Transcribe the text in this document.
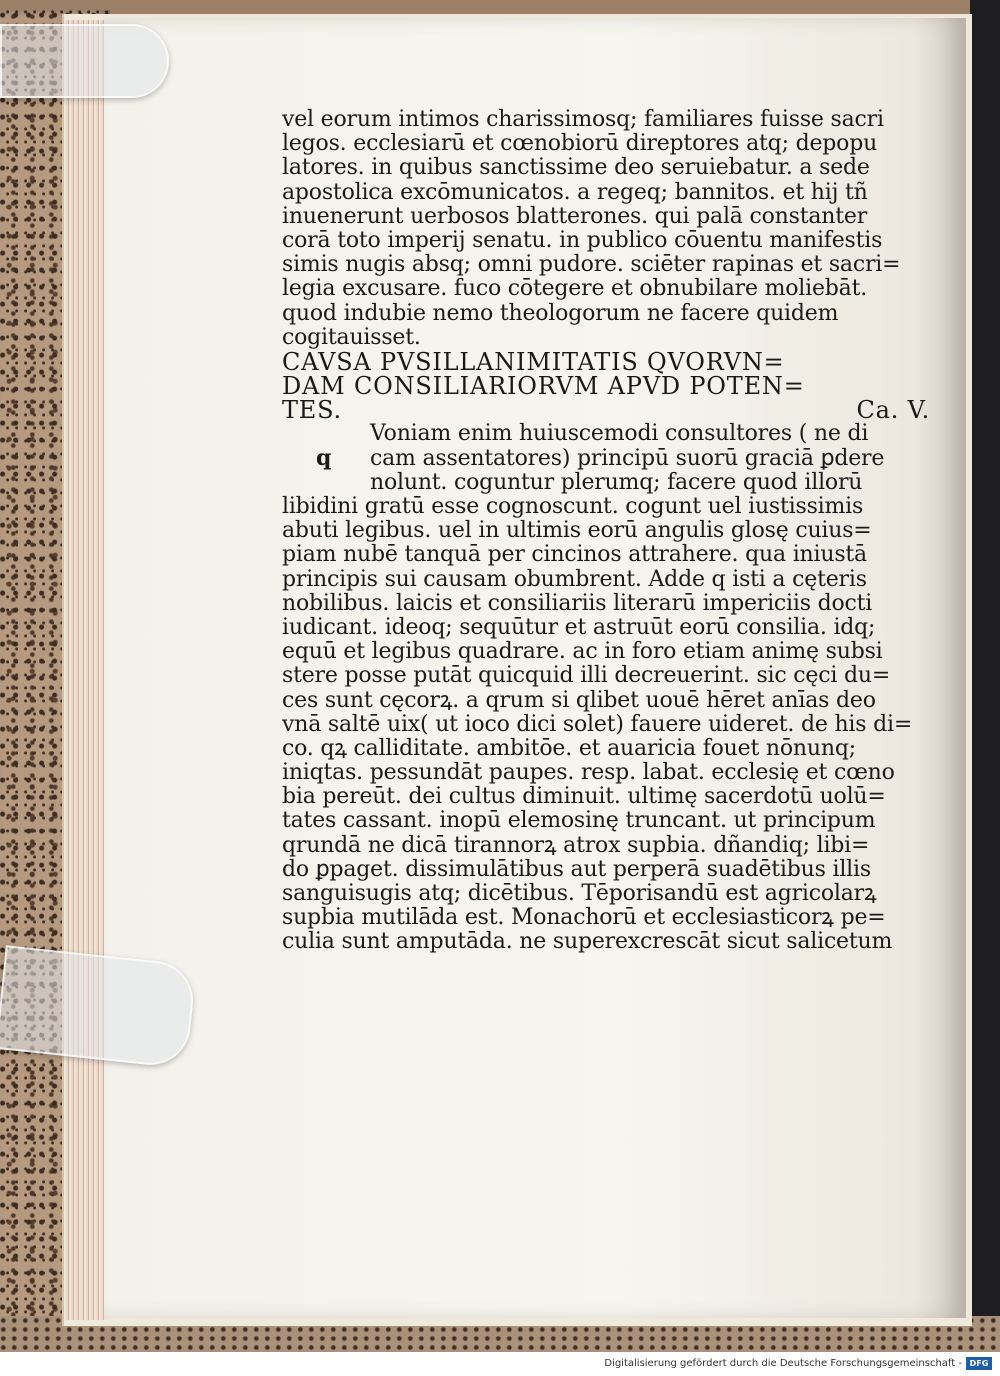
vel eorum intimos charissimosq; familiares fuisse sacri
legos. ecclesiarū et cœnobiorū direptores atq; depopu
latores. in quibus sanctissime deo seruiebatur. a sede
apostolica excōmunicatos. a regeq; bannitos. et hij tñ
inuenerunt uerbosos blatterones. qui palā constanter
corā toto imperij senatu. in publico cōuentu manifestis
simis nugis absq; omni pudore. sciēter rapinas et sacri=
legia excusare. fuco cōtegere et obnubilare moliebāt.
quod indubie nemo theologorum ne facere quidem
cogitauisset.
CAVSA PVSILLANIMITATIS QVORVN=
DAM CONSILIARIORVM APVD POTEN=
TES.	Ca. V.
q
Voniam enim huiuscemodi consultores ( ne di
cam assentatores) principū suorū graciā ꝑdere
nolunt. coguntur plerumq; facere quod illorū
libidini gratū esse cognoscunt. cogunt uel iustissimis
abuti legibus. uel in ultimis eorū angulis glosę cuius=
piam nubē tanquā per cincinos attrahere. qua iniustā
principis sui causam obumbrent. Adde q isti a cęteris
nobilibus. laicis et consiliariis literarū impericiis docti
iudicant. ideoq; sequūtur et astruūt eorū consilia. idq;
equū et legibus quadrare. ac in foro etiam animę subsi
stere posse putāt quicquid illi decreuerint. sic cęci du=
ces sunt cęcorꝝ. a qrum si qlibet uouē hēret anīas deo
vnā saltē uix( ut ioco dici solet) fauere uideret. de his di=
co. qꝝ calliditate. ambitōe. et auaricia fouet nōnunq;
iniqtas. pessundāt paupes. resp. labat. ecclesię et cœno
bia pereūt. dei cultus diminuit. ultimę sacerdotū uolū=
tates cassant. inopū elemosinę truncant. ut principum
qrundā ne dicā tirannorꝝ atrox supbia. dñandiq; libi=
do ꝑpaget. dissimulātibus aut perperā suadētibus illis
sanguisugis atq; dicētibus. Tēporisandū est agricolarꝝ
supbia mutilāda est. Monachorū et ecclesiasticorꝝ pe=
culia sunt amputāda. ne superexcrescāt sicut salicetum
Digitalisierung gefördert durch die Deutsche Forschungsgemeinschaft - DFG
